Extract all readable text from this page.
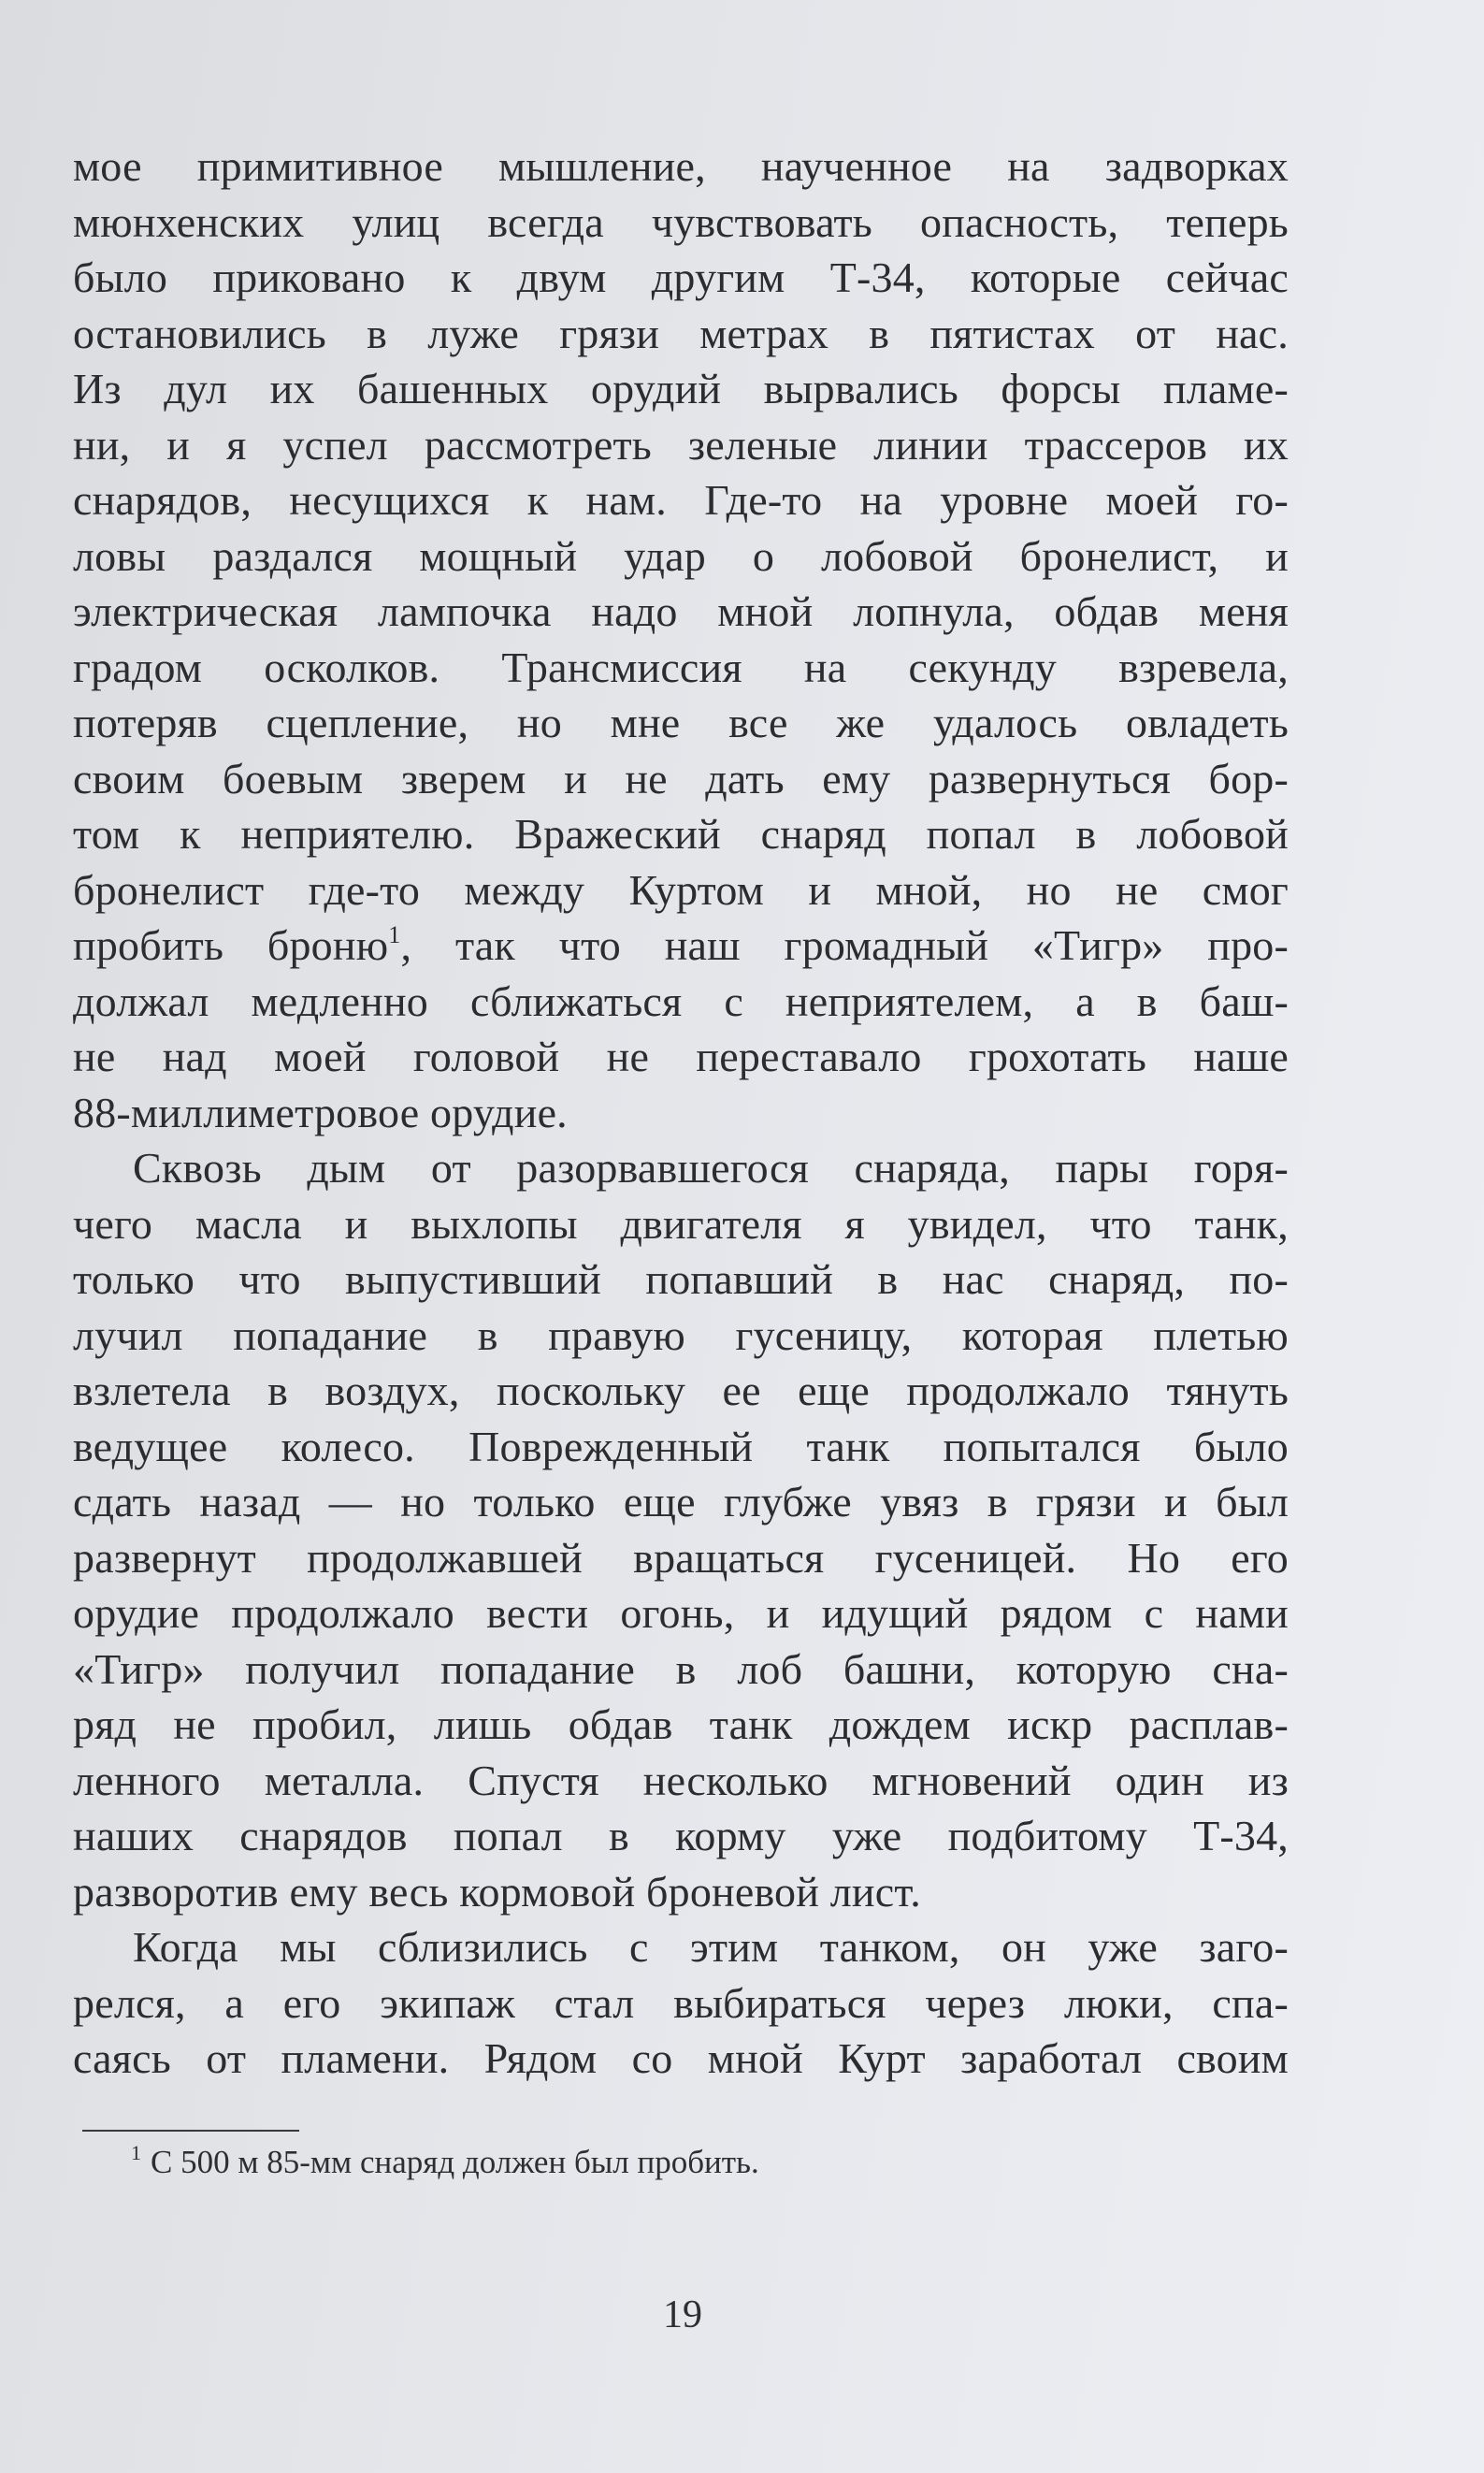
мое примитивное мышление, наученное на задворках
мюнхенских улиц всегда чувствовать опасность, теперь
было приковано к двум другим Т-34, которые сейчас
остановились в луже грязи метрах в пятистах от нас.
Из дул их башенных орудий вырвались форсы пламе-
ни, и я успел рассмотреть зеленые линии трассеров их
снарядов, несущихся к нам. Где-то на уровне моей го-
ловы раздался мощный удар о лобовой бронелист, и
электрическая лампочка надо мной лопнула, обдав меня
градом осколков. Трансмиссия на секунду взревела,
потеряв сцепление, но мне все же удалось овладеть
своим боевым зверем и не дать ему развернуться бор-
том к неприятелю. Вражеский снаряд попал в лобовой
бронелист где-то между Куртом и мной, но не смог
пробить броню$^1$, так что наш громадный «Тигр» про-
должал медленно сближаться с неприятелем, а в баш-
не над моей головой не переставало грохотать наше
88-миллиметровое орудие.
Сквозь дым от разорвавшегося снаряда, пары горя-
чего масла и выхлопы двигателя я увидел, что танк,
только что выпустивший попавший в нас снаряд, по-
лучил попадание в правую гусеницу, которая плетью
взлетела в воздух, поскольку ее еще продолжало тянуть
ведущее колесо. Поврежденный танк попытался было
сдать назад — но только еще глубже увяз в грязи и был
развернут продолжавшей вращаться гусеницей. Но его
орудие продолжало вести огонь, и идущий рядом с нами
«Тигр» получил попадание в лоб башни, которую сна-
ряд не пробил, лишь обдав танк дождем искр расплав-
ленного металла. Спустя несколько мгновений один из
наших снарядов попал в корму уже подбитому Т-34,
разворотив ему весь кормовой броневой лист.
Когда мы сблизились с этим танком, он уже заго-
релся, а его экипаж стал выбираться через люки, спа-
саясь от пламени. Рядом со мной Курт заработал своим
$^1$ С 500 м 85-мм снаряд должен был пробить.
19
